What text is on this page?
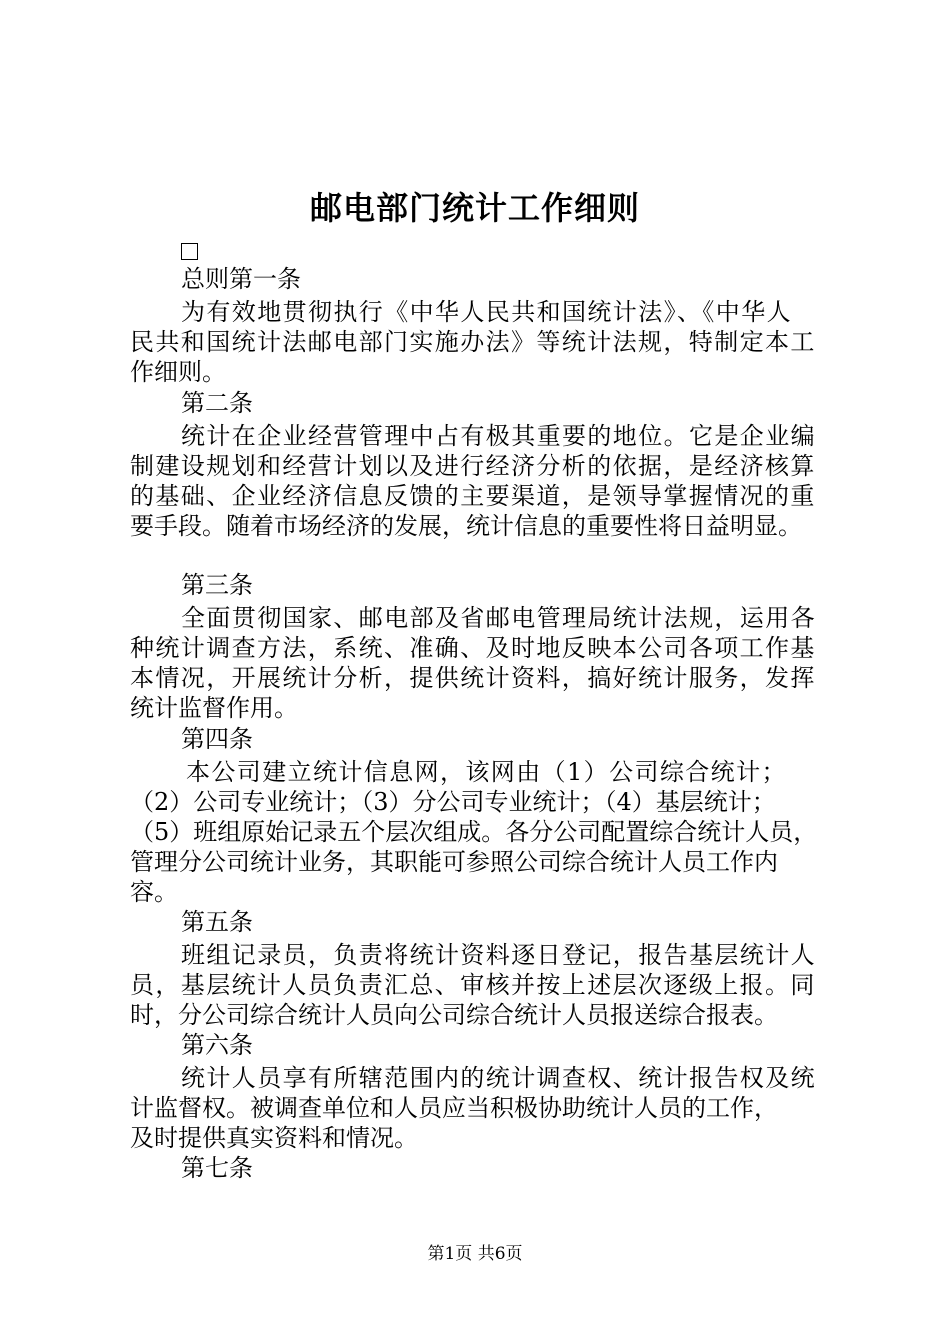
邮电部门统计工作细则
总则第一条
为有效地贯彻执行《中华人民共和国统计法》、《中华人
民共和国统计法邮电部门实施办法》等统计法规，特制定本工
作细则。
第二条
统计在企业经营管理中占有极其重要的地位。它是企业编
制建设规划和经营计划以及进行经济分析的依据，是经济核算
的基础、企业经济信息反馈的主要渠道，是领导掌握情况的重
要手段。随着市场经济的发展，统计信息的重要性将日益明显。
第三条
全面贯彻国家、邮电部及省邮电管理局统计法规，运用各
种统计调查方法，系统、准确、及时地反映本公司各项工作基
本情况，开展统计分析，提供统计资料，搞好统计服务，发挥
统计监督作用。
第四条
本公司建立统计信息网，该网由（1）公司综合统计；
（2）公司专业统计；（3）分公司专业统计；（4）基层统计；
（5）班组原始记录五个层次组成。各分公司配置综合统计人员，
管理分公司统计业务，其职能可参照公司综合统计人员工作内
容。
第五条
班组记录员，负责将统计资料逐日登记，报告基层统计人
员，基层统计人员负责汇总、审核并按上述层次逐级上报。同
时，分公司综合统计人员向公司综合统计人员报送综合报表。
第六条
统计人员享有所辖范围内的统计调查权、统计报告权及统
计监督权。被调查单位和人员应当积极协助统计人员的工作，
及时提供真实资料和情况。
第七条
第1页 共6页
